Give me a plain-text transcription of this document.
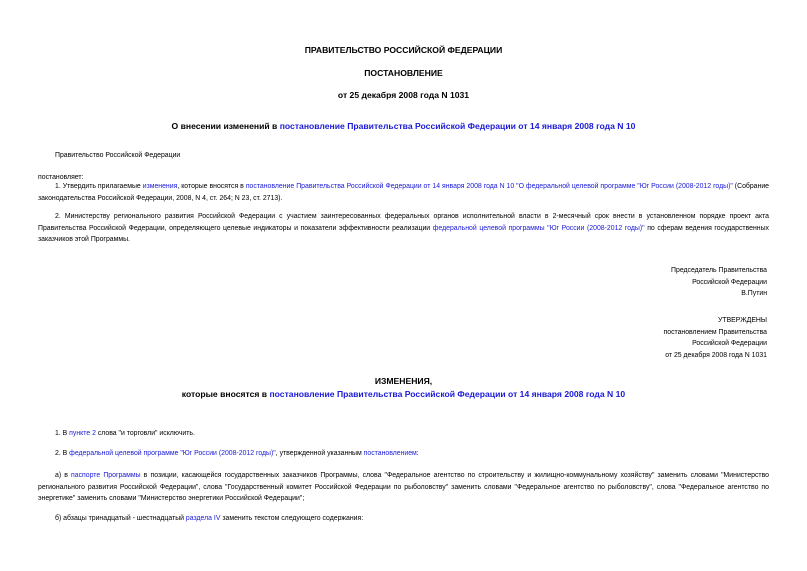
ПРАВИТЕЛЬСТВО РОССИЙСКОЙ ФЕДЕРАЦИИ
ПОСТАНОВЛЕНИЕ
от 25 декабря 2008 года N 1031
О внесении изменений в постановление Правительства Российской Федерации от 14 января 2008 года N 10
Правительство Российской Федерации
постановляет:
1. Утвердить прилагаемые изменения, которые вносятся в постановление Правительства Российской Федерации от 14 января 2008 года N 10 "О федеральной целевой программе "Юг России (2008-2012 годы)" (Собрание законодательства Российской Федерации, 2008, N 4, ст. 264; N 23, ст. 2713).
2. Министерству регионального развития Российской Федерации с участием заинтересованных федеральных органов исполнительной власти в 2-месячный срок внести в установленном порядке проект акта Правительства Российской Федерации, определяющего целевые индикаторы и показатели эффективности реализации федеральной целевой программы "Юг России (2008-2012 годы)" по сферам ведения государственных заказчиков этой Программы.
Председатель Правительства
Российской Федерации
В.Путин
УТВЕРЖДЕНЫ
постановлением Правительства
Российской Федерации
от 25 декабря 2008 года N 1031
ИЗМЕНЕНИЯ,
которые вносятся в постановление Правительства Российской Федерации от 14 января 2008 года N 10
1. В пункте 2 слова "и торговли" исключить.
2. В федеральной целевой программе "Юг России (2008-2012 годы)", утвержденной указанным постановлением:
а) в паспорте Программы в позиции, касающейся государственных заказчиков Программы, слова "Федеральное агентство по строительству и жилищно-коммунальному хозяйству" заменить словами "Министерство регионального развития Российской Федерации", слова "Государственный комитет Российской Федерации по рыболовству" заменить словами "Федеральное агентство по рыболовству", слова "Федеральное агентство по энергетике" заменить словами "Министерство энергетики Российской Федерации";
б) абзацы тринадцатый - шестнадцатый раздела IV заменить текстом следующего содержания:
